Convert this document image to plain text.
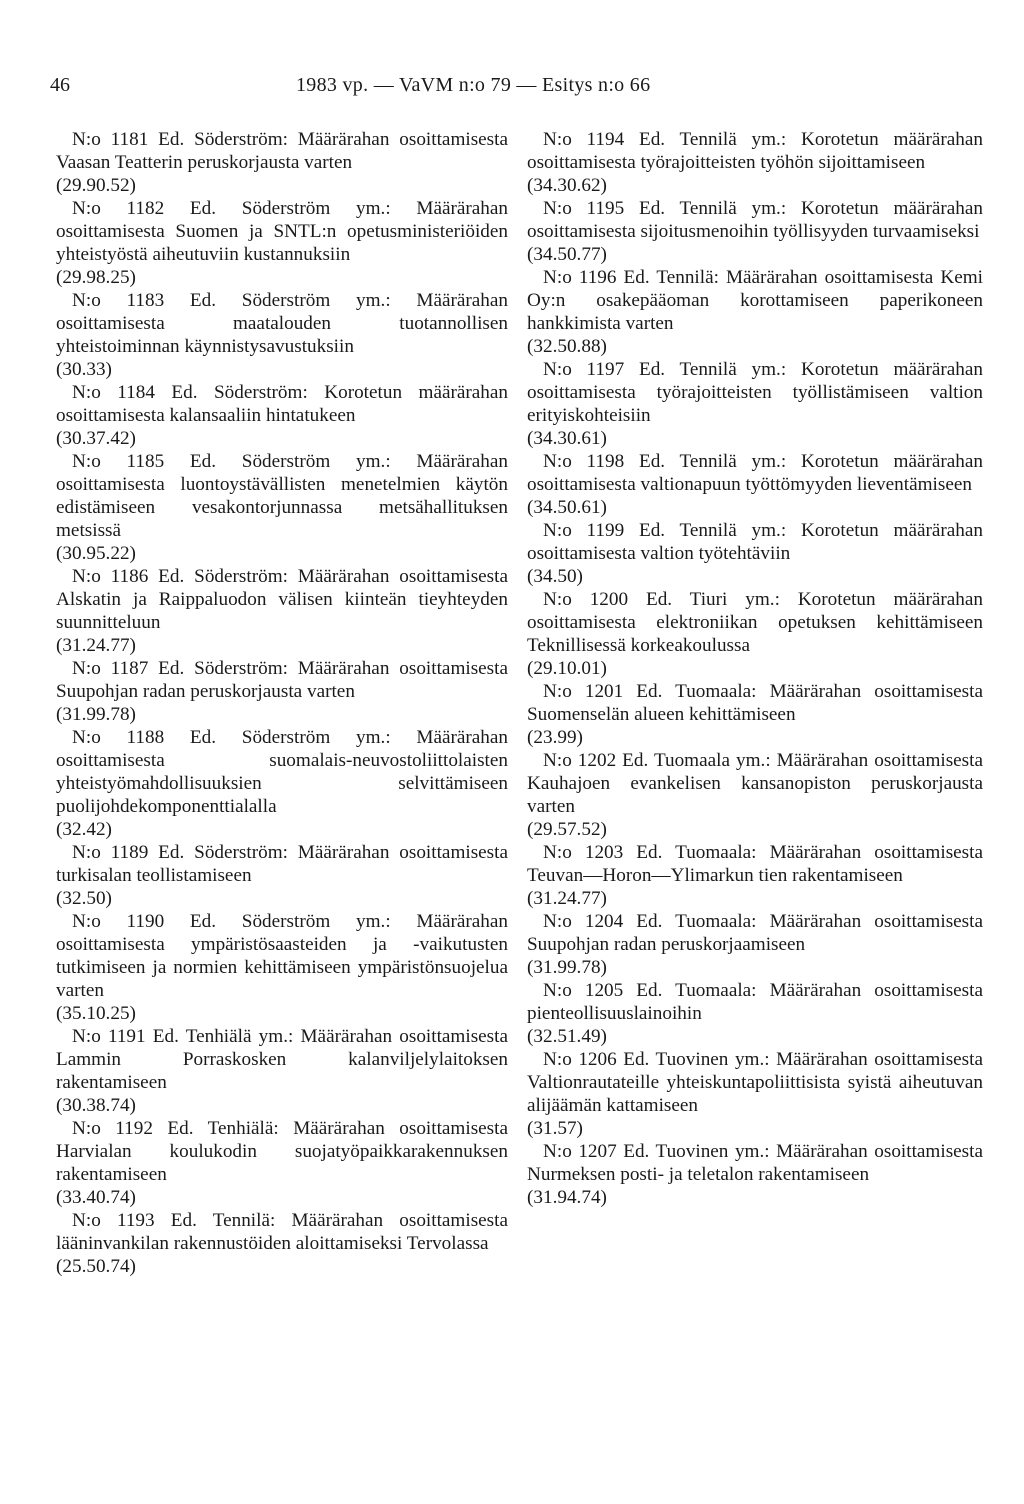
46	1983 vp. — VaVM n:o 79 — Esitys n:o 66

N:o 1181 Ed. Söderström: Määrärahan osoittamisesta Vaasan Teatterin peruskorjausta varten

(29.90.52)

N:o 1182 Ed. Söderström ym.: Määrärahan osoittamisesta Suomen ja SNTL:n opetusministeriöiden yhteistyöstä aiheutuviin kustannuksiin

(29.98.25)

N:o 1183 Ed. Söderström ym.: Määrärahan osoittamisesta maatalouden tuotannollisen yhteistoiminnan käynnistysavustuksiin

(30.33)

N:o 1184 Ed. Söderström: Korotetun määrärahan osoittamisesta kalansaaliin hintatukeen

(30.37.42)

N:o 1185 Ed. Söderström ym.: Määrärahan osoittamisesta luontoystävällisten menetelmien käytön edistämiseen vesakontorjunnassa metsähallituksen metsissä

(30.95.22)

N:o 1186 Ed. Söderström: Määrärahan osoittamisesta Alskatin ja Raippaluodon välisen kiinteän tieyhteyden suunnitteluun

(31.24.77)

N:o 1187 Ed. Söderström: Määrärahan osoittamisesta Suupohjan radan peruskorjausta varten

(31.99.78)

N:o 1188 Ed. Söderström ym.: Määrärahan osoittamisesta suomalais-neuvostoliittolaisten yhteistyömahdollisuuksien selvittämiseen puolijohdekomponenttialalla

(32.42)

N:o 1189 Ed. Söderström: Määrärahan osoittamisesta turkisalan teollistamiseen

(32.50)

N:o 1190 Ed. Söderström ym.: Määrärahan osoittamisesta ympäristösaasteiden ja -vaikutusten tutkimiseen ja normien kehittämiseen ympäristönsuojelua varten

(35.10.25)

N:o 1191 Ed. Tenhiälä ym.: Määrärahan osoittamisesta Lammin Porraskosken kalanviljelylaitoksen rakentamiseen

(30.38.74)

N:o 1192 Ed. Tenhiälä: Määrärahan osoittamisesta Harvialan koulukodin suojatyöpaikkarakennuksen rakentamiseen

(33.40.74)

N:o 1193 Ed. Tennilä: Määrärahan osoittamisesta lääninvankilan rakennustöiden aloittamiseksi Tervolassa

(25.50.74)

N:o 1194 Ed. Tennilä ym.: Korotetun määrärahan osoittamisesta työrajoitteisten työhön sijoittamiseen

(34.30.62)

N:o 1195 Ed. Tennilä ym.: Korotetun määrärahan osoittamisesta sijoitusmenoihin työllisyyden turvaamiseksi

(34.50.77)

N:o 1196 Ed. Tennilä: Määrärahan osoittamisesta Kemi Oy:n osakepääoman korottamiseen paperikoneen hankkimista varten

(32.50.88)

N:o 1197 Ed. Tennilä ym.: Korotetun määrärahan osoittamisesta työrajoitteisten työllistämiseen valtion erityiskohteisiin

(34.30.61)

N:o 1198 Ed. Tennilä ym.: Korotetun määrärahan osoittamisesta valtionapuun työttömyyden lieventämiseen

(34.50.61)

N:o 1199 Ed. Tennilä ym.: Korotetun määrärahan osoittamisesta valtion työtehtäviin

(34.50)

N:o 1200 Ed. Tiuri ym.: Korotetun määrärahan osoittamisesta elektroniikan opetuksen kehittämiseen Teknillisessä korkeakoulussa

(29.10.01)

N:o 1201 Ed. Tuomaala: Määrärahan osoittamisesta Suomenselän alueen kehittämiseen

(23.99)

N:o 1202 Ed. Tuomaala ym.: Määrärahan osoittamisesta Kauhajoen evankelisen kansanopiston peruskorjausta varten

(29.57.52)

N:o 1203 Ed. Tuomaala: Määrärahan osoittamisesta Teuvan—Horon—Ylimarkun tien rakentamiseen

(31.24.77)

N:o 1204 Ed. Tuomaala: Määrärahan osoittamisesta Suupohjan radan peruskorjaamiseen

(31.99.78)

N:o 1205 Ed. Tuomaala: Määrärahan osoittamisesta pienteollisuuslainoihin

(32.51.49)

N:o 1206 Ed. Tuovinen ym.: Määrärahan osoittamisesta Valtionrautateille yhteiskuntapoliittisista syistä aiheutuvan alijäämän kattamiseen

(31.57)

N:o 1207 Ed. Tuovinen ym.: Määrärahan osoittamisesta Nurmeksen posti- ja teletalon rakentamiseen

(31.94.74)
